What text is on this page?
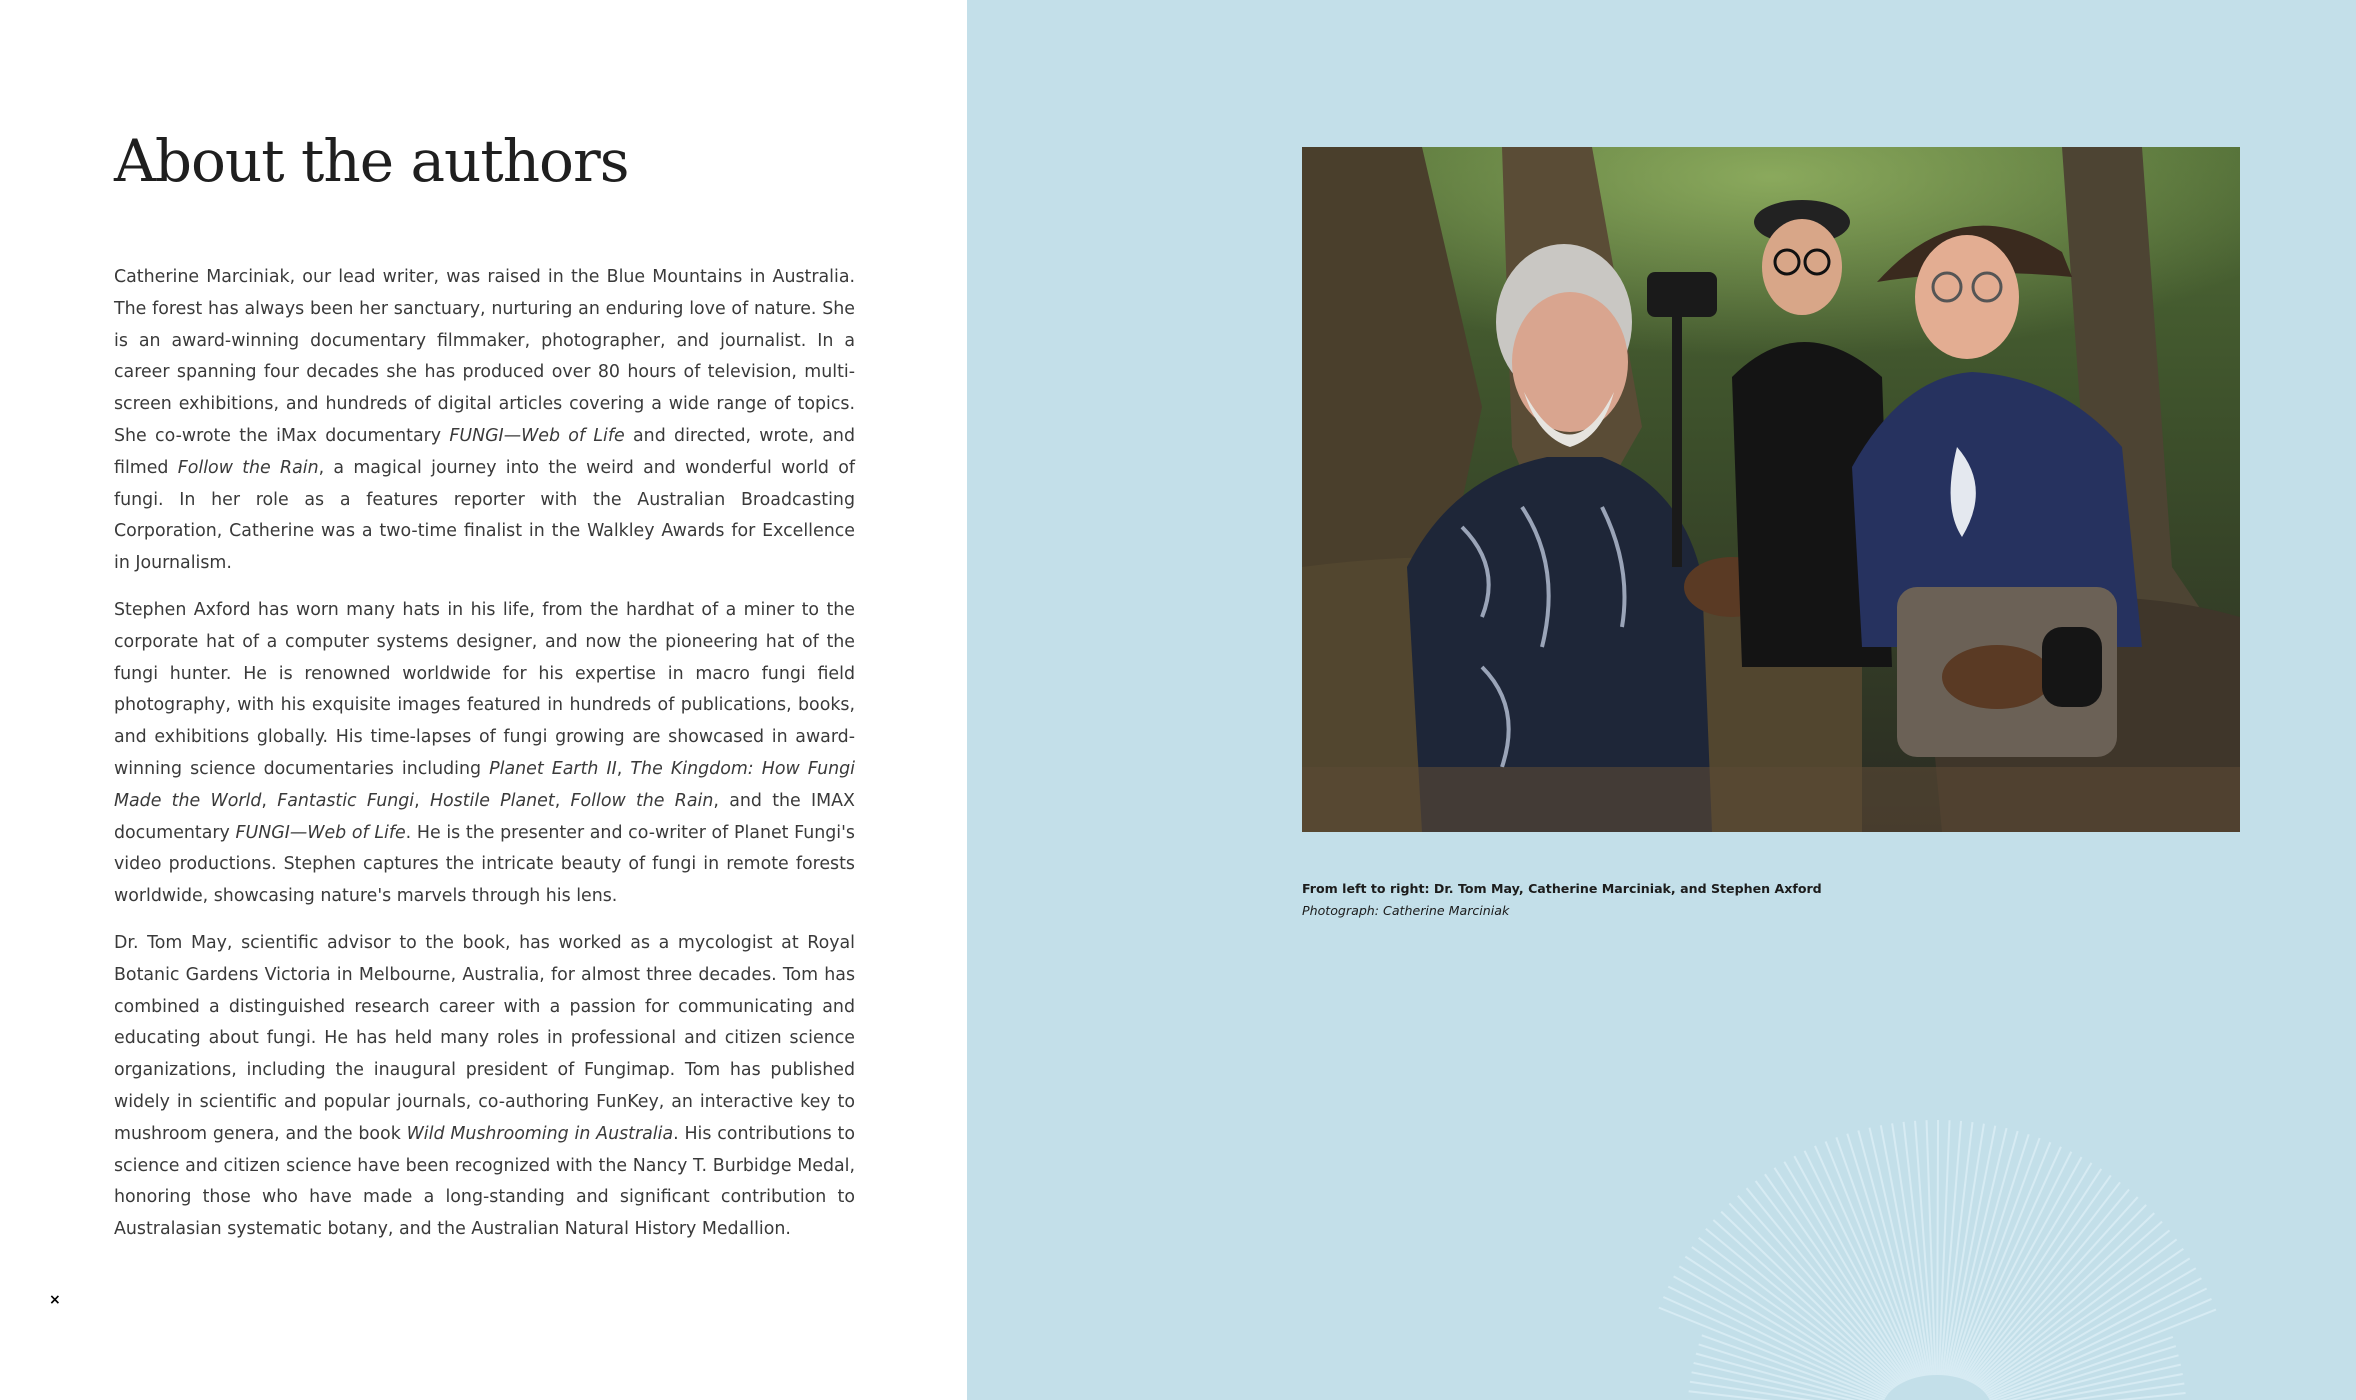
About the authors

Catherine Marciniak, our lead writer, was raised in the Blue Mountains in Australia. The forest has always been her sanctuary, nurturing an enduring love of nature. She is an award-winning documentary filmmaker, photographer, and journalist. In a career spanning four decades she has produced over 80 hours of television, multi-screen exhibitions, and hundreds of digital articles covering a wide range of topics. She co-wrote the iMax documentary FUNGI—Web of Life and directed, wrote, and filmed Follow the Rain, a magical journey into the weird and wonderful world of fungi. In her role as a features reporter with the Australian Broadcasting Corporation, Catherine was a two-time finalist in the Walkley Awards for Excellence in Journalism.

Stephen Axford has worn many hats in his life, from the hardhat of a miner to the corporate hat of a computer systems designer, and now the pioneering hat of the fungi hunter. He is renowned worldwide for his expertise in macro fungi field photography, with his exquisite images featured in hundreds of publications, books, and exhibitions globally. His time-lapses of fungi growing are showcased in award-winning science documentaries including Planet Earth II, The Kingdom: How Fungi Made the World, Fantastic Fungi, Hostile Planet, Follow the Rain, and the IMAX documentary FUNGI—Web of Life. He is the presenter and co-writer of Planet Fungi's video productions. Stephen captures the intricate beauty of fungi in remote forests worldwide, showcasing nature's marvels through his lens.

Dr. Tom May, scientific advisor to the book, has worked as a mycologist at Royal Botanic Gardens Victoria in Melbourne, Australia, for almost three decades. Tom has combined a distinguished research career with a passion for communicating and educating about fungi. He has held many roles in professional and citizen science organizations, including the inaugural president of Fungimap. Tom has published widely in scientific and popular journals, co-authoring FunKey, an interactive key to mushroom genera, and the book Wild Mushrooming in Australia. His contributions to science and citizen science have been recognized with the Nancy T. Burbidge Medal, honoring those who have made a long-standing and significant contribution to Australasian systematic botany, and the Australian Natural History Medallion.

×
From left to right: Dr. Tom May, Catherine Marciniak, and Stephen Axford
Photograph: Catherine Marciniak
